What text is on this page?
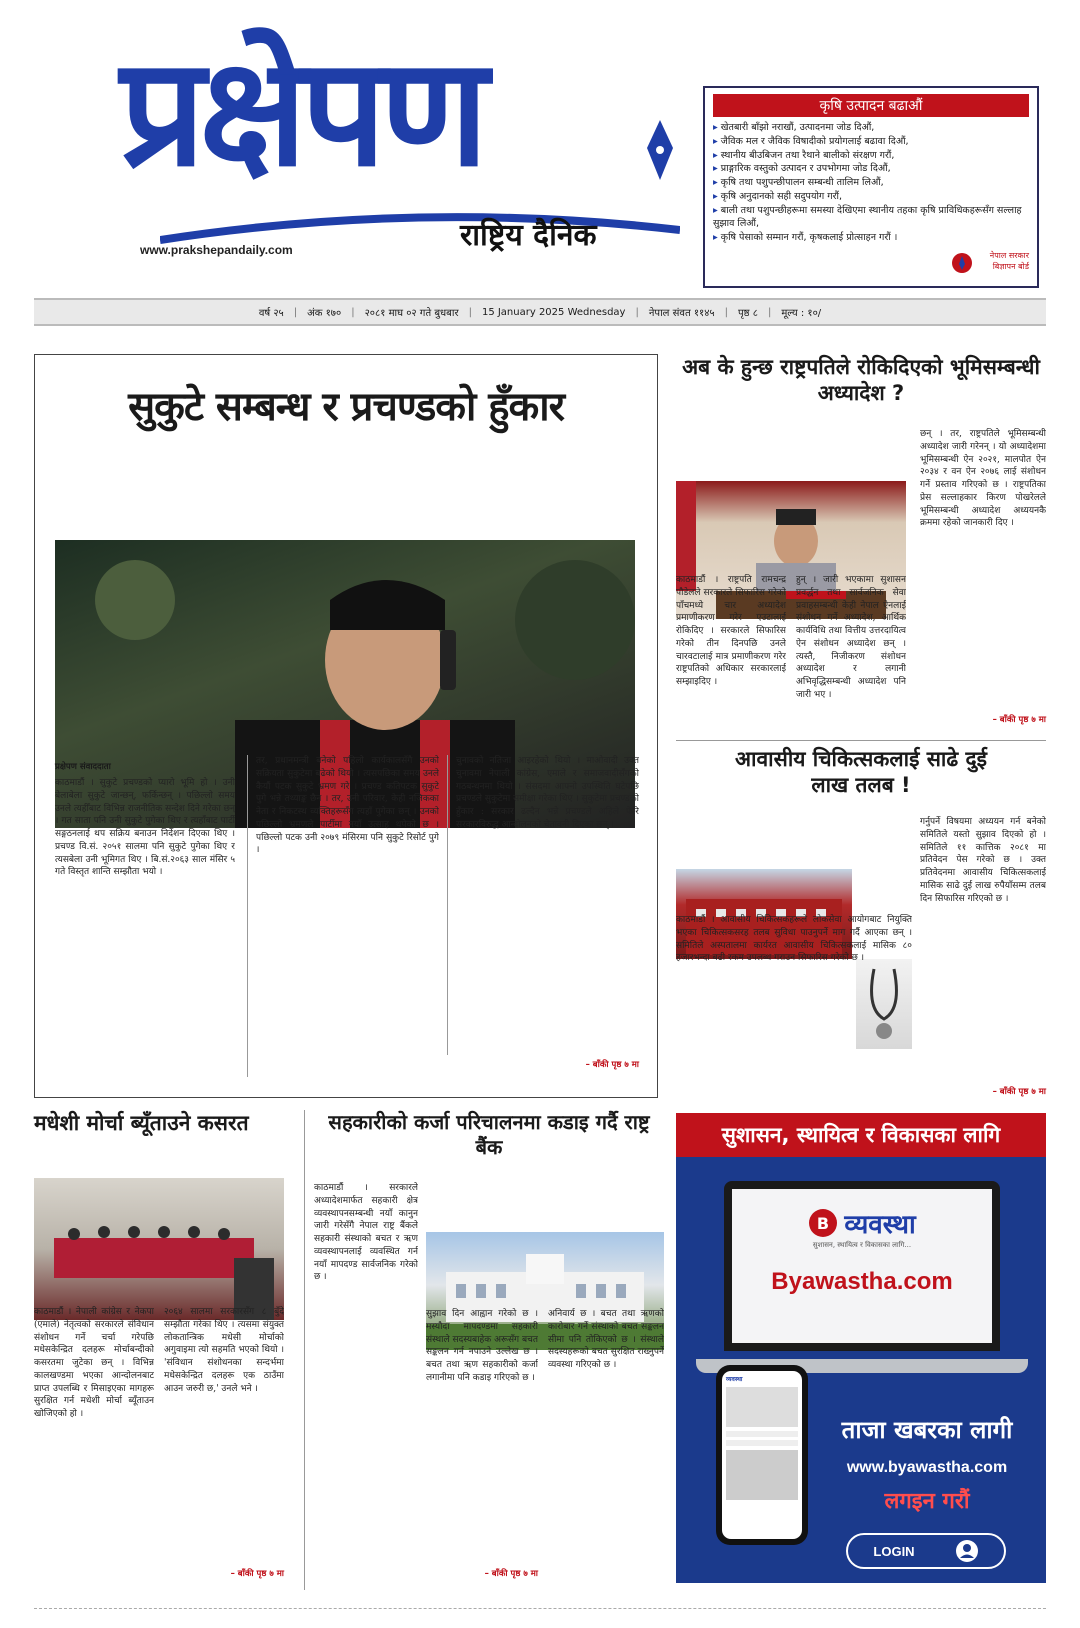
प्रक्षेपण
राष्ट्रिय दैनिक
www.prakshepandaily.com
कृषि उत्पादन बढाऔं
▸ खेतबारी बाँझो नराखौं, उत्पादनमा जोड दिऔं,
▸ जैविक मल र जैविक विषादीको प्रयोगलाई बढावा दिऔं,
▸ स्थानीय बीउबिजन तथा रैथाने बालीको संरक्षण गरौं,
▸ प्राङ्गारिक वस्तुको उत्पादन र उपभोगमा जोड दिऔं,
▸ कृषि तथा पशुपन्छीपालन सम्बन्धी तालिम लिऔं,
▸ कृषि अनुदानको सही सदुपयोग गरौं,
▸ बाली तथा पशुपन्छीहरूमा समस्या देखिएमा स्थानीय तहका कृषि प्राविधिकहरूसँग सल्लाह सुझाव लिऔं,
▸ कृषि पेसाको सम्मान गरौं, कृषकलाई प्रोत्साहन गरौं ।
नेपाल सरकार
बिज्ञापन बोर्ड
वर्ष २५ | अंक १७० | २०८१ माघ ०२ गते बुधबार | 15 January 2025 Wednesday | नेपाल संवत ११४५ | पृष्ठ ८ | मूल्य : १०/
सुकुटे सम्बन्ध र प्रचण्डको हुँकार
प्रक्षेपण संवाददाता
काठमाडौं । सुकुटे प्रचण्डको प्यारो भूमि हो । उनी बेलाबेला सुकुटे जान्छन्, फर्किन्छन् । पछिल्लो समय उनले त्यहीँबाट विभिन्न राजनीतिक सन्देश दिने गरेका छन् । गत साता पनि उनी सुकुटे पुगेका थिए र त्यहाँबाट पार्टी सङ्गठनलाई थप सक्रिय बनाउन निर्देशन दिएका थिए । प्रचण्ड वि.सं. २०५१ सालमा पनि सुकुटे पुगेका थिए र त्यसबेला उनी भूमिगत थिए । बि.सं.२०६३ साल मंसिर ५ गते विस्तृत शान्ति सम्झौता भयो ।
तर, प्रधानमन्त्री बनेको पहिलो कार्यकालसँगै उनको सक्रियता सुकुटेमा बढेको थियो । त्यसपछिका समय उनले कैयौं पटक सुकुटे भ्रमण गरे । प्रचण्ड कतिपटक सुकुटे पुगे भन्ने तथ्याङ्क छैन । तर, उनी परिवार, केही नजिकका नेता र निकटस्थ व्यक्तिहरूसँग त्यहाँ पुगेका छन् । उनको पछिल्लो भ्रमणले पार्टीमा नयाँ उत्साह थपेको छ । पछिल्लो पटक उनी २०७९ मंसिरमा पनि सुकुटे रिसोर्ट पुगे ।
चुनावको नतिजा आइरहेको थियो । माओवादी उक्त चुनावमा नेपाली कांग्रेस, एमाले र समाजवादीसँगको गठबन्धनमा थियो । संसदमा आफ्नो उपस्थिति घटेपछि प्रचण्डले सुकुटेमा समीक्षा गरेका थिए । सुकुटेमा प्रचण्डको हुँकार : सरकार ढल्दैन भन्ने प्रचण्डले अहिले फेरि सरकारविरुद्ध आन्दोलनको चेतावनी दिएका छन् ।
– बाँकी पृष्ठ ७ मा
अब के हुन्छ राष्ट्रपतिले रोकिदिएको भूमिसम्बन्धी अध्यादेश ?
काठमाडौं । राष्ट्रपति रामचन्द्र पौडेलले सरकारले सिफारिस गरेको पाँचमध्ये चार अध्यादेश प्रमाणीकरण गरेर एउटालाई रोकिदिए । सरकारले सिफारिस गरेको तीन दिनपछि उनले चारवटालाई मात्र प्रमाणीकरण गरेर राष्ट्रपतिको अधिकार सरकारलाई सम्झाइदिए ।
हुन् । जारी भएकामा सुशासन प्रवर्द्धन तथा सार्वजनिक सेवा प्रवाहसम्बन्धी केही नेपाल ऐनलाई संशोधन गर्ने अध्यादेश, आर्थिक कार्यविधि तथा वित्तीय उत्तरदायित्व ऐन संशोधन अध्यादेश छन् । त्यस्तै, निजीकरण संशोधन अध्यादेश र लगानी अभिवृद्धिसम्बन्धी अध्यादेश पनि जारी भए ।
छन् । तर, राष्ट्रपतिले भूमिसम्बन्धी अध्यादेश जारी गरेनन् । यो अध्यादेशमा भूमिसम्बन्धी ऐन २०२१, मालपोत ऐन २०३४ र वन ऐन २०७६ लाई संशोधन गर्ने प्रस्ताव गरिएको छ । राष्ट्रपतिका प्रेस सल्लाहकार किरण पोखरेलले भूमिसम्बन्धी अध्यादेश अध्ययनकै क्रममा रहेको जानकारी दिए ।
– बाँकी पृष्ठ ७ मा
आवासीय चिकित्सकलाई साढे दुई लाख तलब !
काठमाडौं । आवासीय चिकित्सकहरूले लोकसेवा आयोगबाट नियुक्ति भएका चिकित्सकसरह तलब सुविधा पाउनुपर्ने माग गर्दै आएका छन् । समितिले अस्पतालमा कार्यरत आवासीय चिकित्सकलाई मासिक ८० हजारभन्दा बढी रकम उपलब्ध गराउन सिफारिस गरेको छ ।
गर्नुपर्ने विषयमा अध्ययन गर्न बनेको समितिले यस्तो सुझाव दिएको हो । समितिले ११ कात्तिक २०८१ मा प्रतिवेदन पेस गरेको छ । उक्त प्रतिवेदनमा आवासीय चिकित्सकलाई मासिक साढे दुई लाख रुपैयाँसम्म तलब दिन सिफारिस गरिएको छ ।
– बाँकी पृष्ठ ७ मा
मधेशी मोर्चा ब्यूँताउने कसरत
काठमाडौं । नेपाली कांग्रेस र नेकपा (एमाले) नेतृत्वको सरकारले संविधान संशोधन गर्ने चर्चा गरेपछि मधेसकेन्द्रित दलहरू मोर्चाबन्दीको कसरतमा जुटेका छन् । विभिन्न कालखण्डमा भएका आन्दोलनबाट प्राप्त उपलब्धि र मिसाइएका मागहरू सुरक्षित गर्न मधेशी मोर्चा ब्यूँताउन खोजिएको हो ।
२०६४ सालमा सरकारसँग ८ बुँदे सम्झौता गरेका थिए । त्यसमा संयुक्त लोकतान्त्रिक मधेसी मोर्चाको अगुवाइमा त्यो सहमति भएको थियो । 'संविधान संशोधनका सन्दर्भमा मधेसकेन्द्रित दलहरू एक ठाउँमा आउन जरुरी छ,' उनले भने ।
– बाँकी पृष्ठ ७ मा
सहकारीको कर्जा परिचालनमा कडाइ गर्दै राष्ट्र बैंक
काठमाडौं । सरकारले अध्यादेशमार्फत सहकारी क्षेत्र व्यवस्थापनसम्बन्धी नयाँ कानुन जारी गरेसँगै नेपाल राष्ट्र बैंकले सहकारी संस्थाको बचत र ऋण व्यवस्थापनलाई व्यवस्थित गर्न नयाँ मापदण्ड सार्वजनिक गरेको छ ।
सुझाव दिन आह्वान गरेको छ । मस्यौदा मापदण्डमा सहकारी संस्थाले सदस्यबाहेक अरूसँग बचत सङ्कलन गर्न नपाउने उल्लेख छ । बचत तथा ऋण सहकारीको कर्जा लगानीमा पनि कडाइ गरिएको छ ।
अनिवार्य छ । बचत तथा ऋणको कारोबार गर्ने संस्थाको बचत सङ्कलन सीमा पनि तोकिएको छ । संस्थाले सदस्यहरूको बचत सुरक्षित राख्नुपर्ने व्यवस्था गरिएको छ ।
– बाँकी पृष्ठ ७ मा
सुशासन, स्थायित्व र विकासका लागि
B व्यवस्था
सुशासन, स्थायित्व र विकासका लागि...
Byawastha.com
व्यवस्था
ताजा खबरका लागी
www.byawastha.com
लगइन गरौं
LOGIN
